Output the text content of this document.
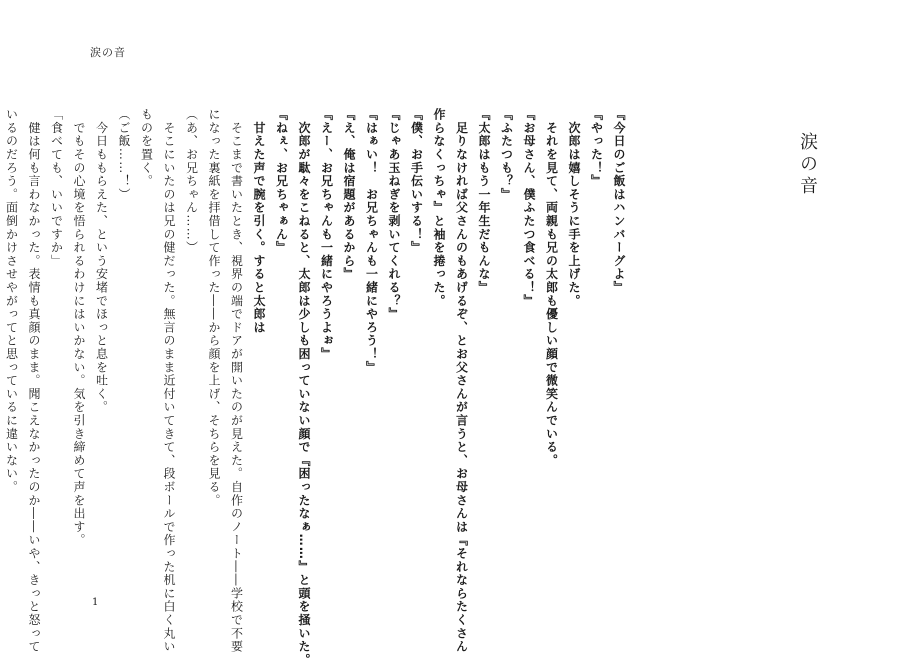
涙の音
涙の音

『今日のご飯はハンバーグよ』

『やった！』

　次郎は嬉しそうに手を上げた。

　それを見て、両親も兄の太郎も優しい顔で微笑んでいる。

『お母さん、僕ふたつ食べる！』

『ふたつも？』

『太郎はもう一年生だもんな』

　足りなければ父さんのもあげるぞ、とお父さんが言うと、お母さんは『それならたくさん

作らなくっちゃ』と袖を捲った。

『僕、お手伝いする！』

『じゃあ玉ねぎを剥いてくれる？』

『はぁい！　お兄ちゃんも一緒にやろう！』

『え、俺は宿題があるから』

『えー、お兄ちゃんも一緒にやろうよぉ』

　次郎が駄々をこねると、太郎は少しも困っていない顔で『困ったなぁ……』と頭を掻いた。

『ねぇ、お兄ちゃぁん』

　甘えた声で腕を引く。すると太郎は

　そこまで書いたとき、視界の端でドアが開いたのが見えた。自作のノート――学校で不要

になった裏紙を拝借して作った――から顔を上げ、そちらを見る。

（あ、お兄ちゃん……）

　そこにいたのは兄の健だった。無言のまま近付いてきて、段ボールで作った机に白く丸い

ものを置く。

（ご飯……！）

　今日ももらえた、という安堵でほっと息を吐く。

　でもその心境を悟られるわけにはいかない。気を引き締めて声を出す。

「食べても、いいですか」

　健は何も言わなかった。表情も真顔のまま。聞こえなかったのか――いや、きっと怒って

いるのだろう。面倒かけさせやがってと思っているに違いない。

1
